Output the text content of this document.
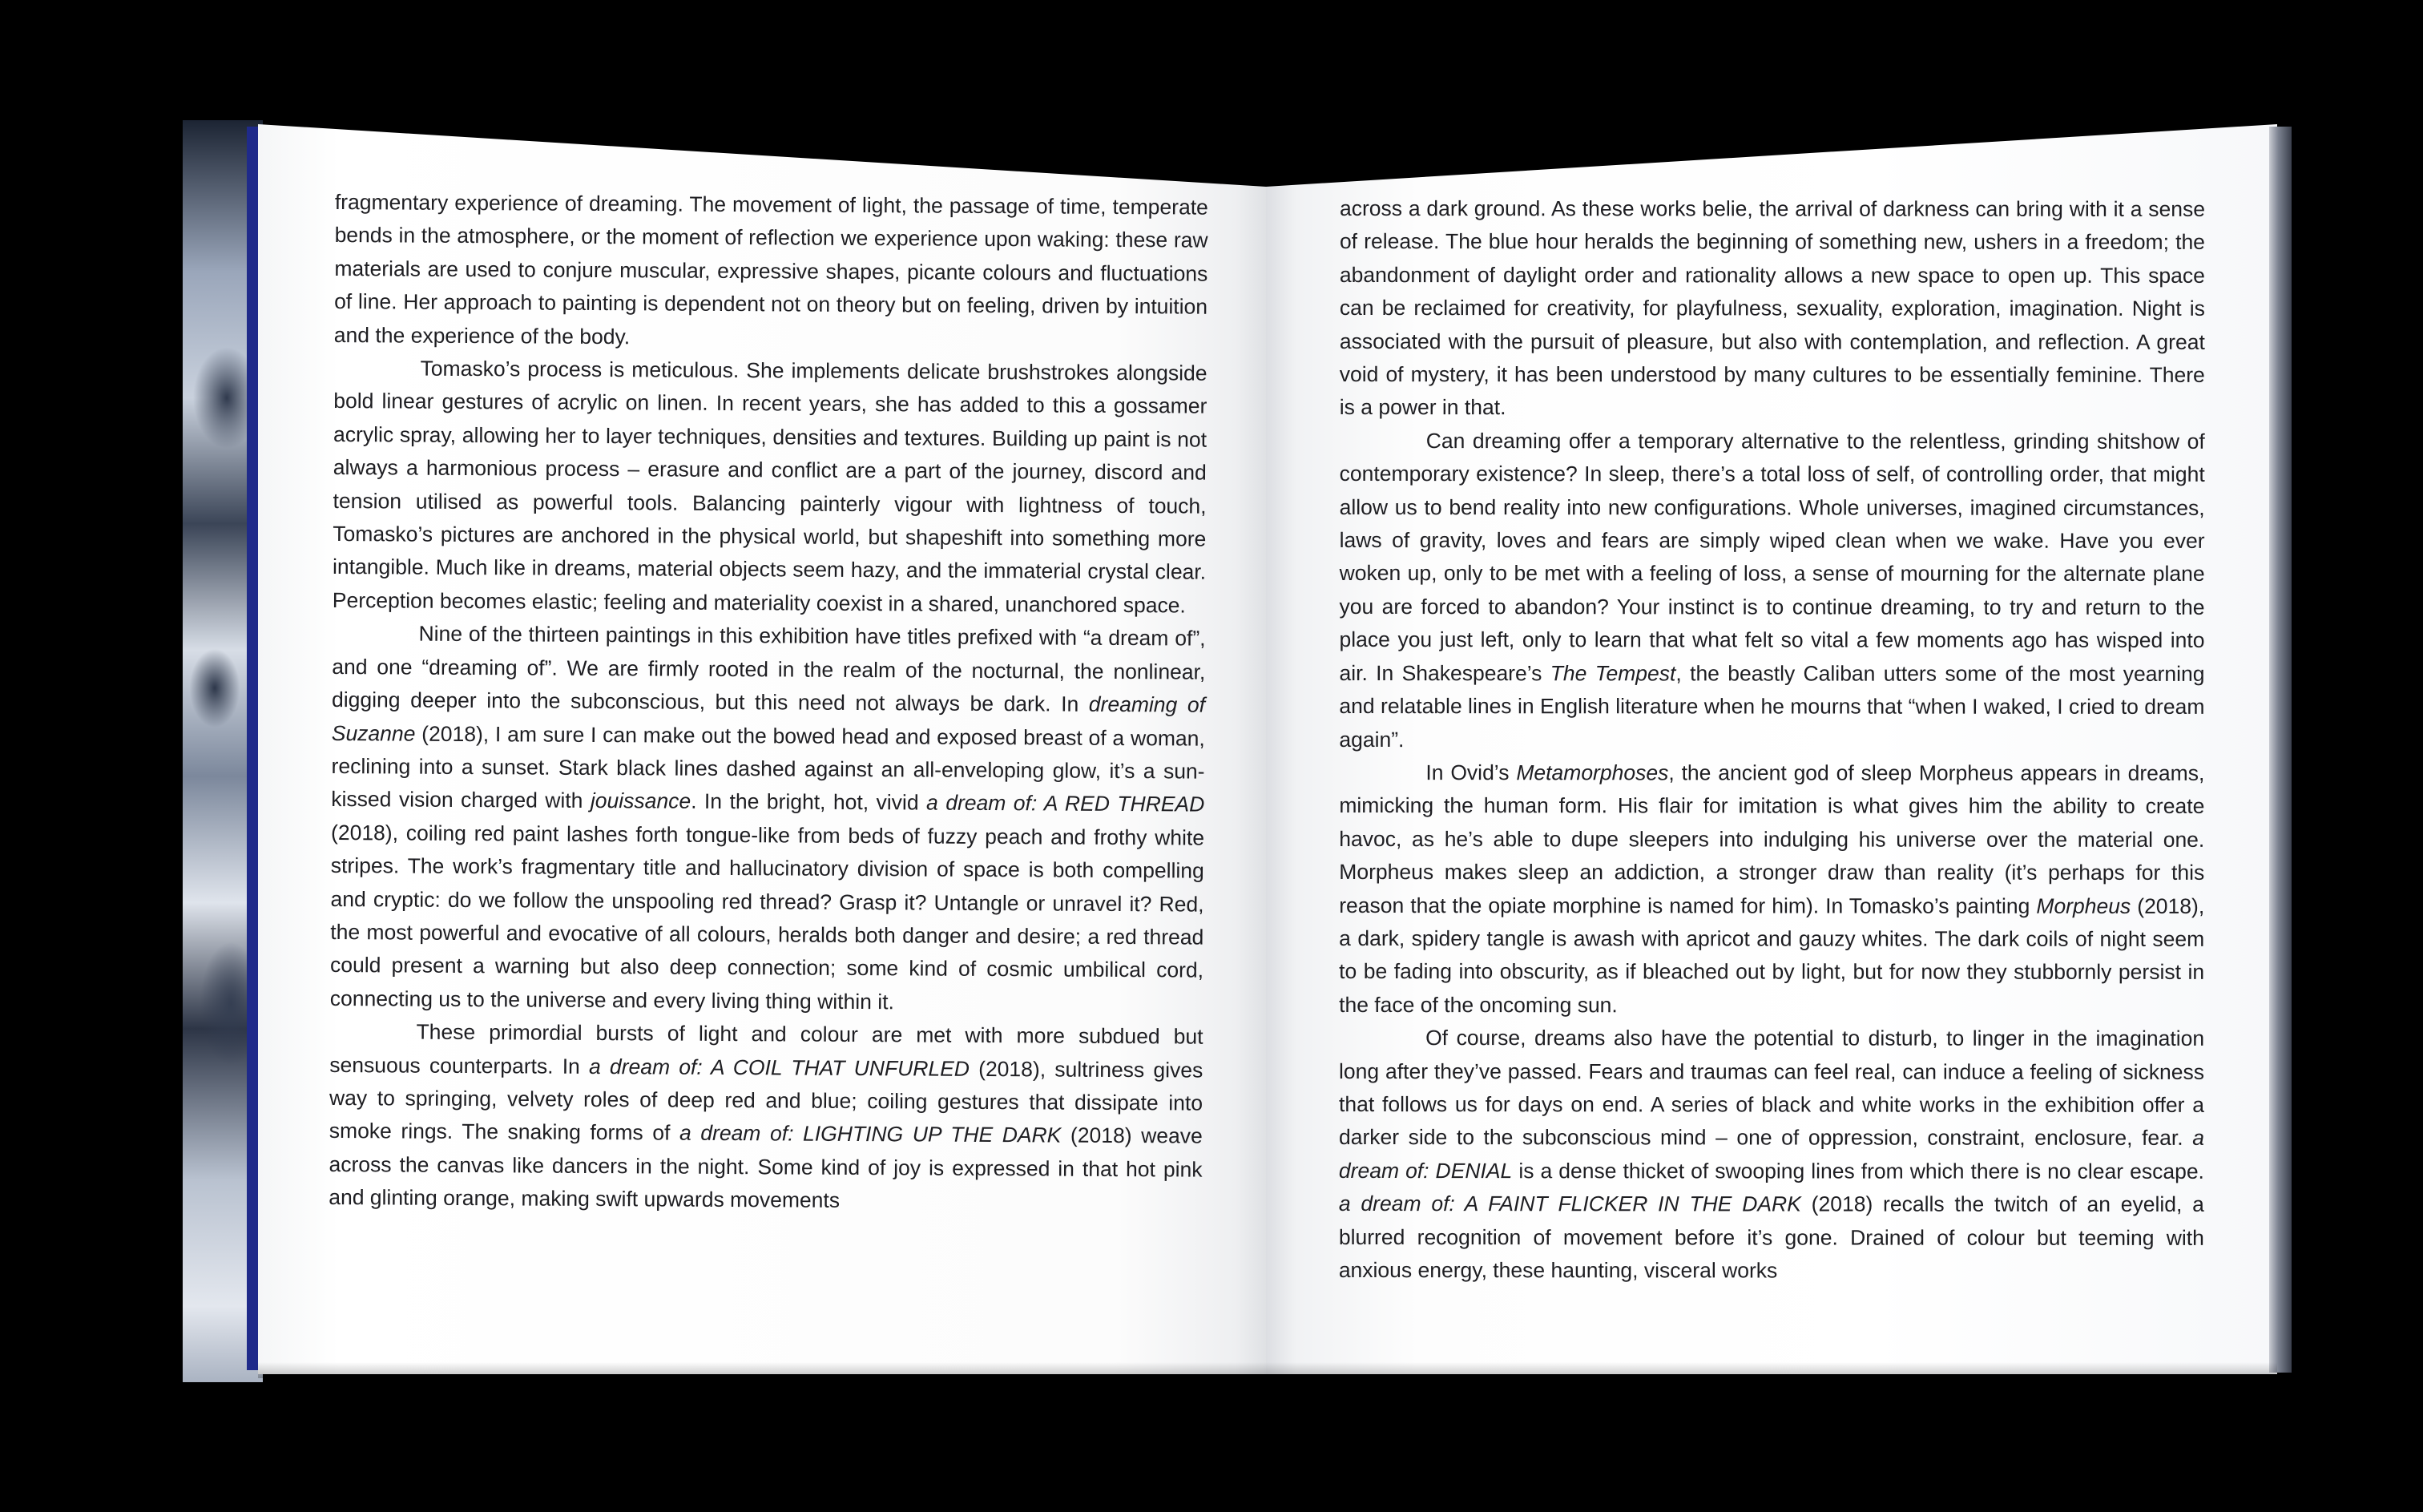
fragmentary experience of dreaming. The movement of light, the passage of time, temperate bends in the atmosphere, or the moment of reflection we experience upon waking: these raw materials are used to conjure muscular, expressive shapes, picante colours and fluctuations of line. Her approach to painting is dependent not on theory but on feeling, driven by intuition and the experience of the body.

Tomasko’s process is meticulous. She implements delicate brushstrokes alongside bold linear gestures of acrylic on linen. In recent years, she has added to this a gossamer acrylic spray, allowing her to layer techniques, densities and textures. Building up paint is not always a harmonious process – erasure and conflict are a part of the journey, discord and tension utilised as powerful tools. Balancing painterly vigour with lightness of touch, Tomasko’s pictures are anchored in the physical world, but shapeshift into something more intangible. Much like in dreams, material objects seem hazy, and the immaterial crystal clear. Perception becomes elastic; feeling and materiality coexist in a shared, unanchored space.

Nine of the thirteen paintings in this exhibition have titles prefixed with “a dream of”, and one “dreaming of”. We are firmly rooted in the realm of the nocturnal, the nonlinear, digging deeper into the subconscious, but this need not always be dark. In dreaming of Suzanne (2018), I am sure I can make out the bowed head and exposed breast of a woman, reclining into a sunset. Stark black lines dashed against an all-enveloping glow, it’s a sun-kissed vision charged with jouissance. In the bright, hot, vivid a dream of: A RED THREAD (2018), coiling red paint lashes forth tongue-like from beds of fuzzy peach and frothy white stripes. The work’s fragmentary title and hallucinatory division of space is both compelling and cryptic: do we follow the unspooling red thread? Grasp it? Untangle or unravel it? Red, the most powerful and evocative of all colours, heralds both danger and desire; a red thread could present a warning but also deep connection; some kind of cosmic umbilical cord, connecting us to the universe and every living thing within it.

These primordial bursts of light and colour are met with more subdued but sensuous counterparts. In a dream of: A COIL THAT UNFURLED (2018), sultriness gives way to springing, velvety roles of deep red and blue; coiling gestures that dissipate into smoke rings. The snaking forms of a dream of: LIGHTING UP THE DARK (2018) weave across the canvas like dancers in the night. Some kind of joy is expressed in that hot pink and glinting orange, making swift upwards movements

across a dark ground. As these works belie, the arrival of darkness can bring with it a sense of release. The blue hour heralds the beginning of something new, ushers in a freedom; the abandonment of daylight order and rationality allows a new space to open up. This space can be reclaimed for creativity, for playfulness, sexuality, exploration, imagination. Night is associated with the pursuit of pleasure, but also with contemplation, and reflection. A great void of mystery, it has been understood by many cultures to be essentially feminine. There is a power in that.

Can dreaming offer a temporary alternative to the relentless, grinding shitshow of contemporary existence? In sleep, there’s a total loss of self, of controlling order, that might allow us to bend reality into new configurations. Whole universes, imagined circumstances, laws of gravity, loves and fears are simply wiped clean when we wake. Have you ever woken up, only to be met with a feeling of loss, a sense of mourning for the alternate plane you are forced to abandon? Your instinct is to continue dreaming, to try and return to the place you just left, only to learn that what felt so vital a few moments ago has wisped into air. In Shakespeare’s The Tempest, the beastly Caliban utters some of the most yearning and relatable lines in English literature when he mourns that “when I waked, I cried to dream again”.

In Ovid’s Metamorphoses, the ancient god of sleep Morpheus appears in dreams, mimicking the human form. His flair for imitation is what gives him the ability to create havoc, as he’s able to dupe sleepers into indulging his universe over the material one. Morpheus makes sleep an addiction, a stronger draw than reality (it’s perhaps for this reason that the opiate morphine is named for him). In Tomasko’s painting Morpheus (2018), a dark, spidery tangle is awash with apricot and gauzy whites. The dark coils of night seem to be fading into obscurity, as if bleached out by light, but for now they stubbornly persist in the face of the oncoming sun.

Of course, dreams also have the potential to disturb, to linger in the imagination long after they’ve passed. Fears and traumas can feel real, can induce a feeling of sickness that follows us for days on end. A series of black and white works in the exhibition offer a darker side to the subconscious mind – one of oppression, constraint, enclosure, fear. a dream of: DENIAL is a dense thicket of swooping lines from which there is no clear escape. a dream of: A FAINT FLICKER IN THE DARK (2018) recalls the twitch of an eyelid, a blurred recognition of movement before it’s gone. Drained of colour but teeming with anxious energy, these haunting, visceral works
